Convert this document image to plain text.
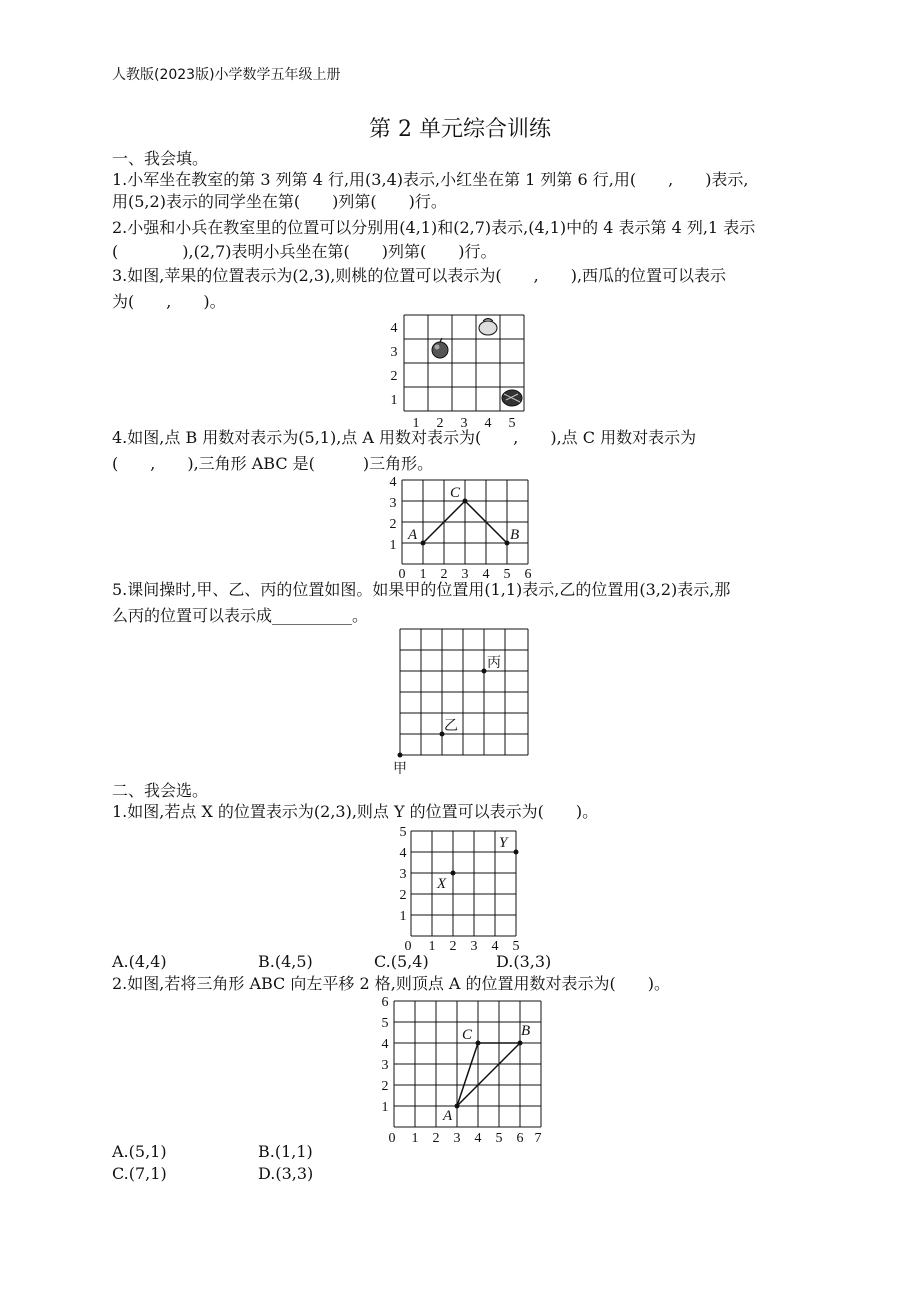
人教版(2023版)小学数学五年级上册
第 2 单元综合训练
一、我会填。
1.小军坐在教室的第 3 列第 4 行,用(3,4)表示,小红坐在第 1 列第 6 行,用(　　,　　)表示,
用(5,2)表示的同学坐在第(　　)列第(　　)行。
2.小强和小兵在教室里的位置可以分别用(4,1)和(2,7)表示,(4,1)中的 4 表示第 4 列,1 表示
(　　　　),(2,7)表明小兵坐在第(　　)列第(　　)行。
3.如图,苹果的位置表示为(2,3),则桃的位置可以表示为(　　,　　),西瓜的位置可以表示
为(　　,　　)。
4
3
2
1
1 2 3 4 5
4.如图,点 B 用数对表示为(5,1),点 A 用数对表示为(　　,　　),点 C 用数对表示为
(　　,　　),三角形 ABC 是(　　　)三角形。
4
3
2
1
0 1 2 3 4 5 6
A
C
B
5.课间操时,甲、乙、丙的位置如图。如果甲的位置用(1,1)表示,乙的位置用(3,2)表示,那
么丙的位置可以表示成__________。
甲
乙
丙
二、我会选。
1.如图,若点 X 的位置表示为(2,3),则点 Y 的位置可以表示为(　　)。
5
4
3
2
1
0 1 2 3 4 5
X
Y
A.(4,4)	B.(4,5)	C.(5,4)	D.(3,3)
2.如图,若将三角形 ABC 向左平移 2 格,则顶点 A 的位置用数对表示为(　　)。
6
5
4
3
2
1
0 1 2 3 4 5 6 7
A
C	B
A.(5,1)	B.(1,1)
C.(7,1)	D.(3,3)
